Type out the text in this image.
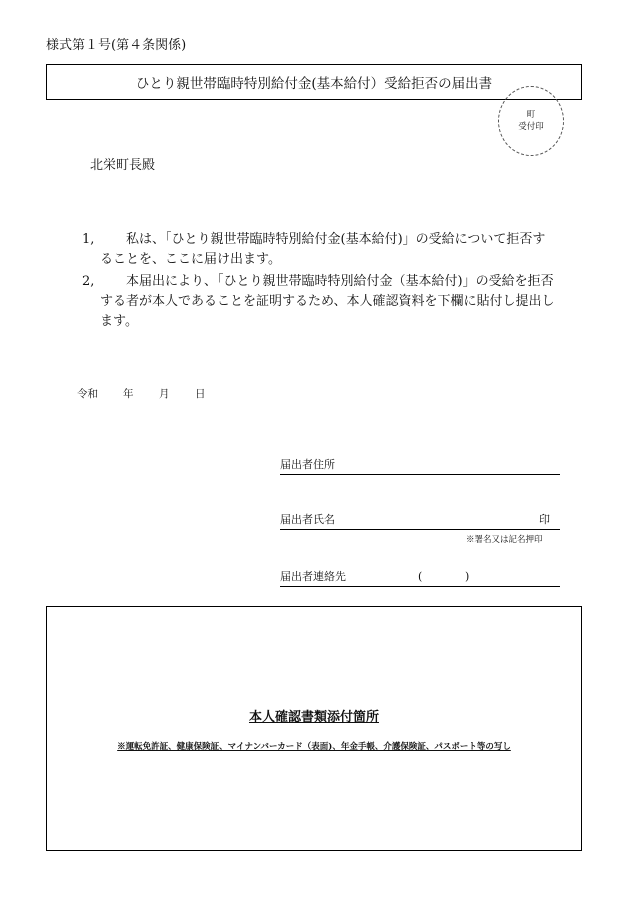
様式第１号(第４条関係)
ひとり親世帯臨時特別給付金(基本給付）受給拒否の届出書
町
受付印
北栄町長殿
1,	私は、「ひとり親世帯臨時特別給付金(基本給付)」の受給について拒否することを、ここに届け出ます。
2,	本届出により、「ひとり親世帯臨時特別給付金（基本給付)」の受給を拒否する者が本人であることを証明するため、本人確認資料を下欄に貼付し提出します。
令和 年 月 日
届出者住所
届出者氏名	印
※署名又は記名押印
届出者連絡先	(	)
本人確認書類添付箇所
※運転免許証、健康保険証、マイナンバーカード（表面)、年金手帳、介護保険証、パスポート等の写し
